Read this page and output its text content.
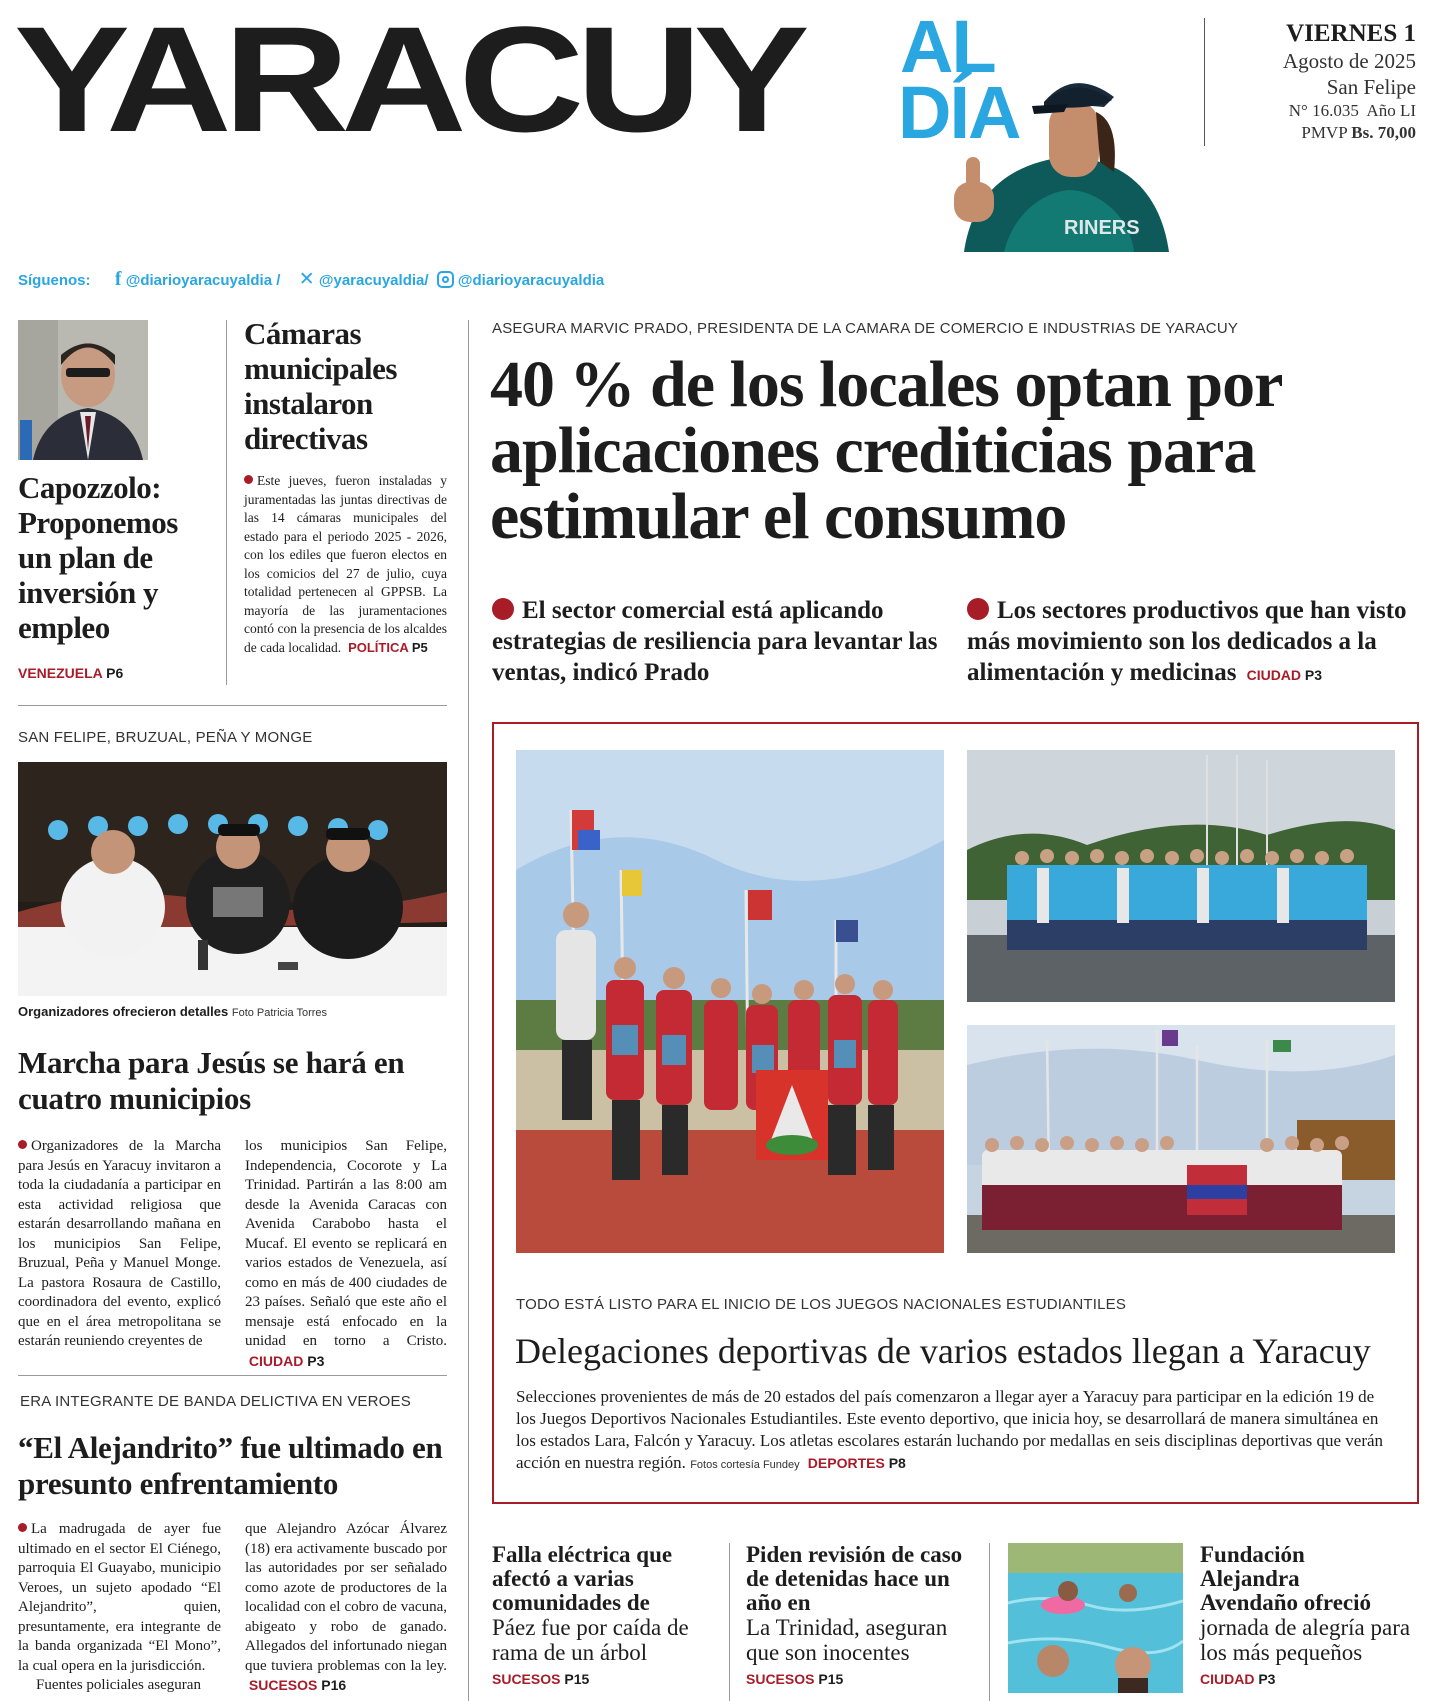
YARACUY AL
DÍA
RINERS
VIERNES 1
Agosto de 2025
San Felipe
N° 16.035 Año LI
PMVP Bs. 70,00
Marineros de Seattle tiene de regreso a Eugenio Suárez	DEPORTES P9
Síguenos: f @diarioyaracuyaldia / ✕ @yaracuyaldia/ @diarioyaracuyaldia
Capozzolo: Proponemos un plan de inversión y empleo
VENEZUELA P6
Cámaras municipales instalaron directivas
Este jueves, fueron instaladas y juramentadas las juntas directivas de las 14 cámaras municipales del estado para el periodo 2025 - 2026, con los ediles que fueron electos en los comicios del 27 de julio, cuya totalidad pertenecen al GPPSB. La mayoría de las juramentaciones contó con la presencia de los alcaldes de cada localidad. POLÍTICA P5
ASEGURA MARVIC PRADO, PRESIDENTA DE LA CAMARA DE COMERCIO E INDUSTRIAS DE YARACUY
40 % de los locales optan por aplicaciones crediticias para estimular el consumo
El sector comercial está aplicando estrategias de resiliencia para levantar las ventas, indicó Prado
Los sectores productivos que han visto más movimiento son los dedicados a la alimentación y medicinas CIUDAD P3
TODO ESTÁ LISTO PARA EL INICIO DE LOS JUEGOS NACIONALES ESTUDIANTILES
Delegaciones deportivas de varios estados llegan a Yaracuy
Selecciones provenientes de más de 20 estados del país comenzaron a llegar ayer a Yaracuy para participar en la edición 19 de los Juegos Deportivos Nacionales Estudiantiles. Este evento deportivo, que inicia hoy, se desarrollará de manera simultánea en los estados Lara, Falcón y Yaracuy. Los atletas escolares estarán luchando por medallas en seis disciplinas deportivas que verán acción en nuestra región. Fotos cortesía Fundey DEPORTES P8
SAN FELIPE, BRUZUAL, PEÑA Y MONGE
Organizadores ofrecieron detalles Foto Patricia Torres
Marcha para Jesús se hará en cuatro municipios
Organizadores de la Marcha para Jesús en Yaracuy invitaron a toda la ciudadanía a participar en esta actividad religiosa que estarán desarrollando mañana en los municipios San Felipe, Bruzual, Peña y Manuel Monge. La pastora Rosaura de Castillo, coordinadora del evento, explicó que en el área metropolitana se estarán reuniendo creyentes de
los municipios San Felipe, Independencia, Cocorote y La Trinidad. Partirán a las 8:00 am desde la Avenida Caracas con Avenida Carabobo hasta el Mucaf. El evento se replicará en varios estados de Venezuela, así como en más de 400 ciudades de 23 países. Señaló que este año el mensaje está enfocado en la unidad en torno a Cristo.  CIUDAD P3
ERA INTEGRANTE DE BANDA DELICTIVA EN VEROES
“El Alejandrito” fue ultimado en presunto enfrentamiento
La madrugada de ayer fue ultimado en el sector El Ciénego, parroquia El Guayabo, municipio Veroes, un sujeto apodado “El Alejandrito”, quien, presuntamente, era integrante de la banda organizada “El Mono”, la cual opera en la jurisdicción.
Fuentes policiales aseguran
que Alejandro Azócar Álvarez (18) era activamente buscado por las autoridades por ser señalado como azote de productores de la localidad con el cobro de vacuna, abigeato y robo de ganado. Allegados del infortunado niegan que tuviera problemas con la ley.  SUCESOS P16
Falla eléctrica que afectó a varias comunidades de
Páez fue por caída de rama de un árbol
SUCESOS P15
Piden revisión de caso de detenidas hace un año en
La Trinidad, aseguran que son inocentes
SUCESOS P15
Fundación Alejandra Avendaño ofreció
jornada de alegría para los más pequeños
CIUDAD P3
